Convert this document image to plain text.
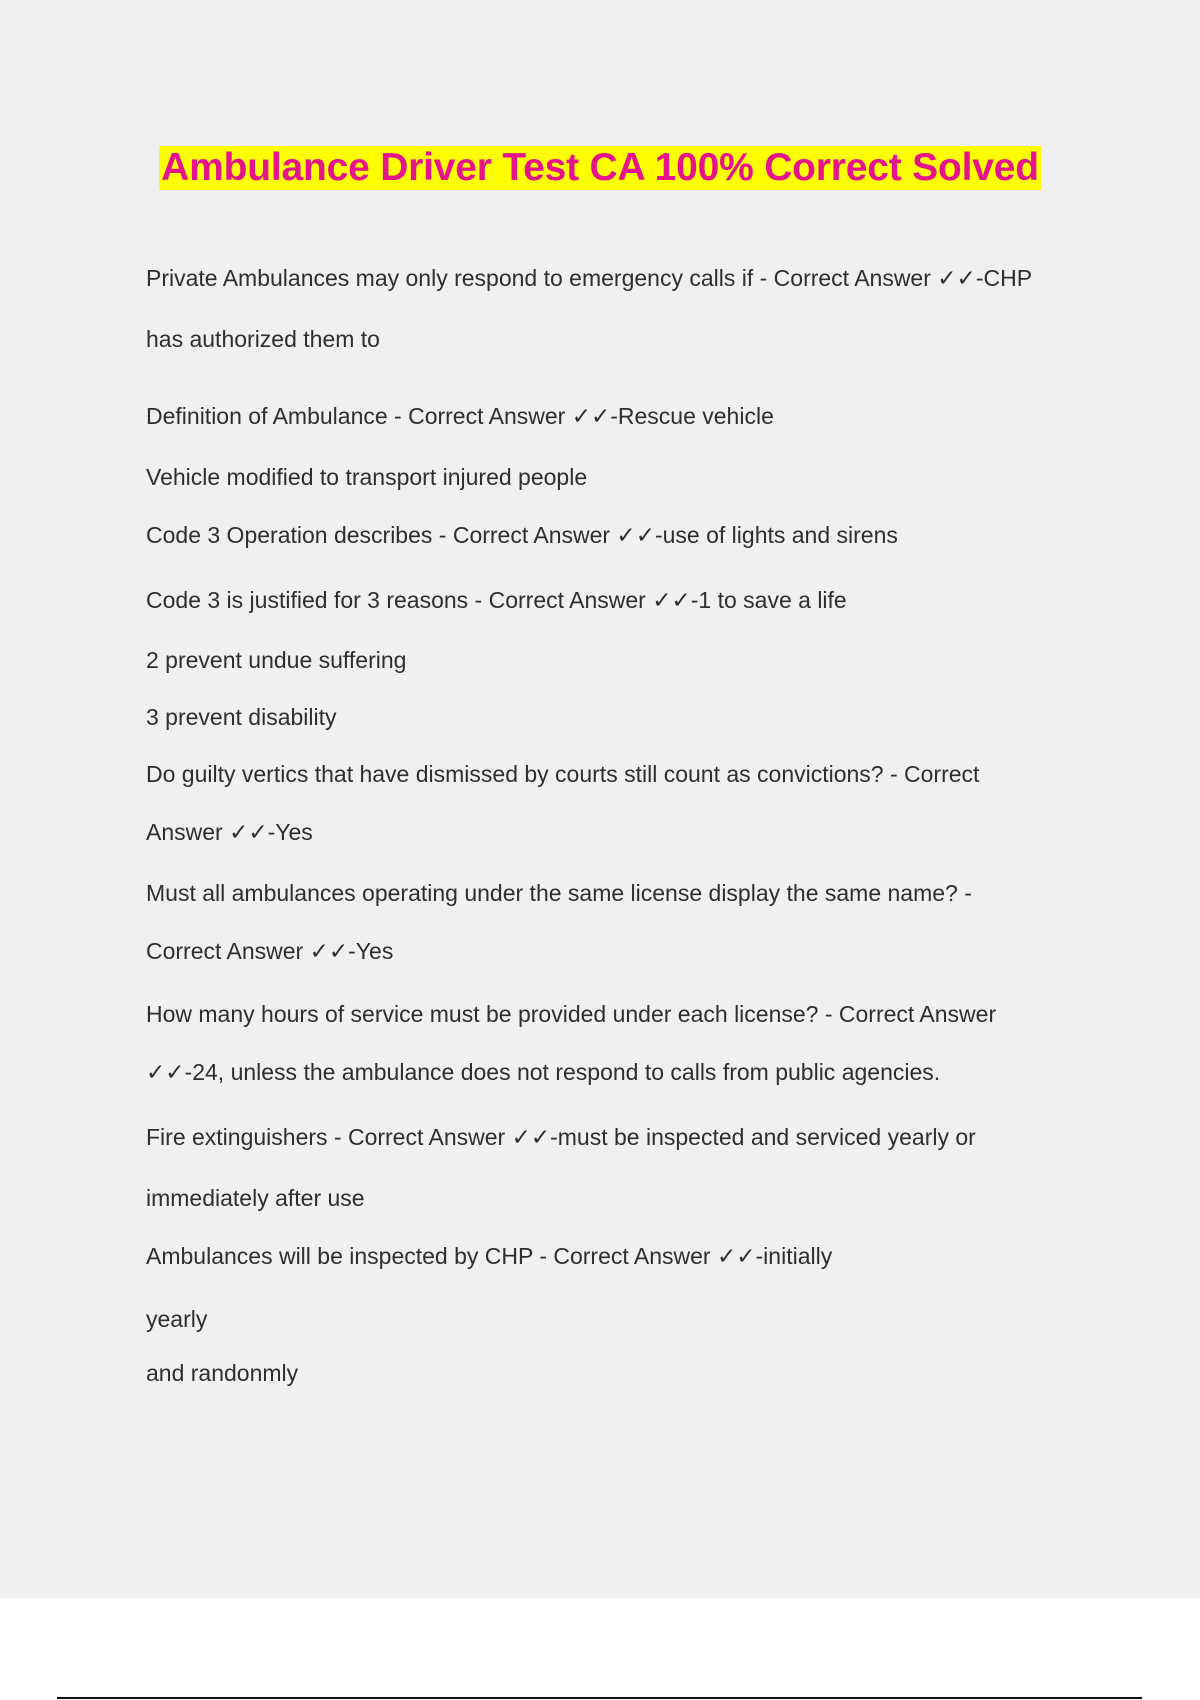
Ambulance Driver Test CA 100% Correct Solved
Private Ambulances may only respond to emergency calls if - Correct Answer ✓✓-CHP
has authorized them to
Definition of Ambulance - Correct Answer ✓✓-Rescue vehicle
Vehicle modified to transport injured people
Code 3 Operation describes - Correct Answer ✓✓-use of lights and sirens
Code 3 is justified for 3 reasons - Correct Answer ✓✓-1 to save a life
2 prevent undue suffering
3 prevent disability
Do guilty vertics that have dismissed by courts still count as convictions? - Correct
Answer ✓✓-Yes
Must all ambulances operating under the same license display the same name? -
Correct Answer ✓✓-Yes
How many hours of service must be provided under each license? - Correct Answer
✓✓-24, unless the ambulance does not respond to calls from public agencies.
Fire extinguishers - Correct Answer ✓✓-must be inspected and serviced yearly or
immediately after use
Ambulances will be inspected by CHP - Correct Answer ✓✓-initially
yearly
and randonmly
